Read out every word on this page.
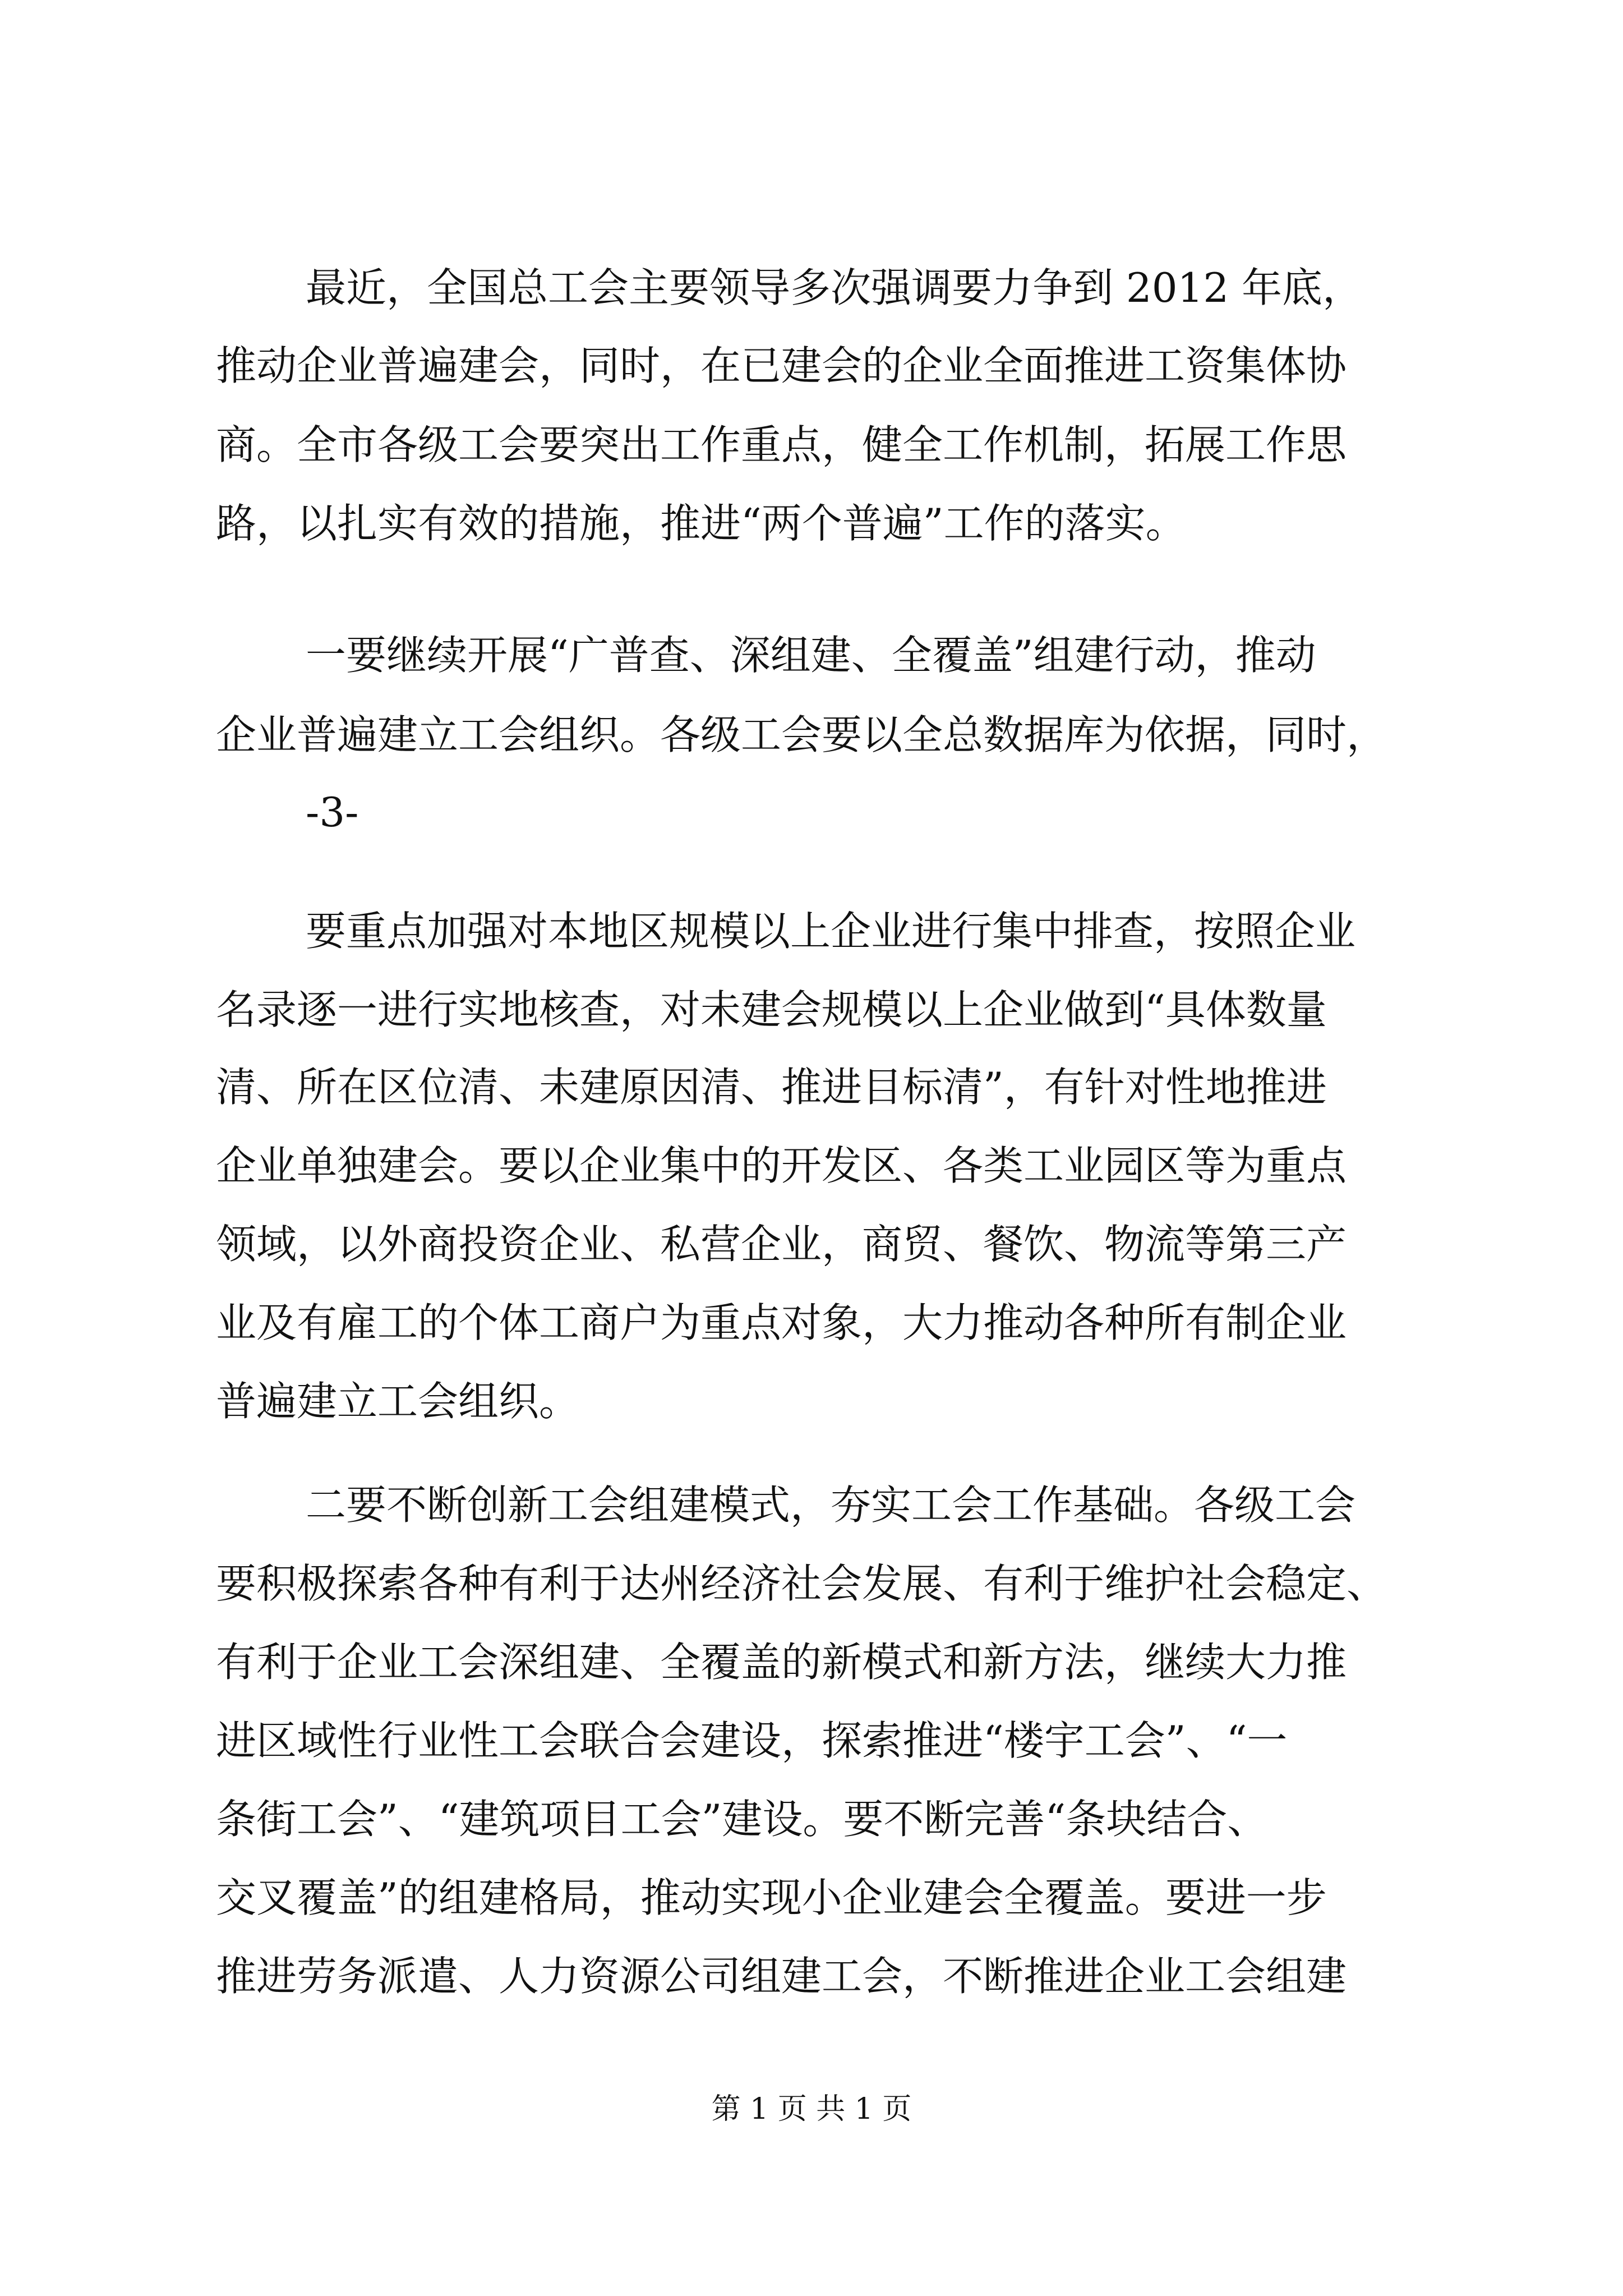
最近，全国总工会主要领导多次强调要力争到 2012 年底，
推动企业普遍建会，同时，在已建会的企业全面推进工资集体协
商。全市各级工会要突出工作重点，健全工作机制，拓展工作思
路，以扎实有效的措施，推进“两个普遍”工作的落实。
一要继续开展“广普查、深组建、全覆盖”组建行动，推动
企业普遍建立工会组织。各级工会要以全总数据库为依据，同时，
-3-
要重点加强对本地区规模以上企业进行集中排查，按照企业
名录逐一进行实地核查，对未建会规模以上企业做到“具体数量
清、所在区位清、未建原因清、推进目标清”，有针对性地推进
企业单独建会。要以企业集中的开发区、各类工业园区等为重点
领域，以外商投资企业、私营企业，商贸、餐饮、物流等第三产
业及有雇工的个体工商户为重点对象，大力推动各种所有制企业
普遍建立工会组织。
二要不断创新工会组建模式，夯实工会工作基础。各级工会
要积极探索各种有利于达州经济社会发展、有利于维护社会稳定、
有利于企业工会深组建、全覆盖的新模式和新方法，继续大力推
进区域性行业性工会联合会建设，探索推进“楼宇工会”、“一
条街工会”、“建筑项目工会”建设。要不断完善“条块结合、
交叉覆盖”的组建格局，推动实现小企业建会全覆盖。要进一步
推进劳务派遣、人力资源公司组建工会，不断推进企业工会组建
第 1 页 共 1 页
